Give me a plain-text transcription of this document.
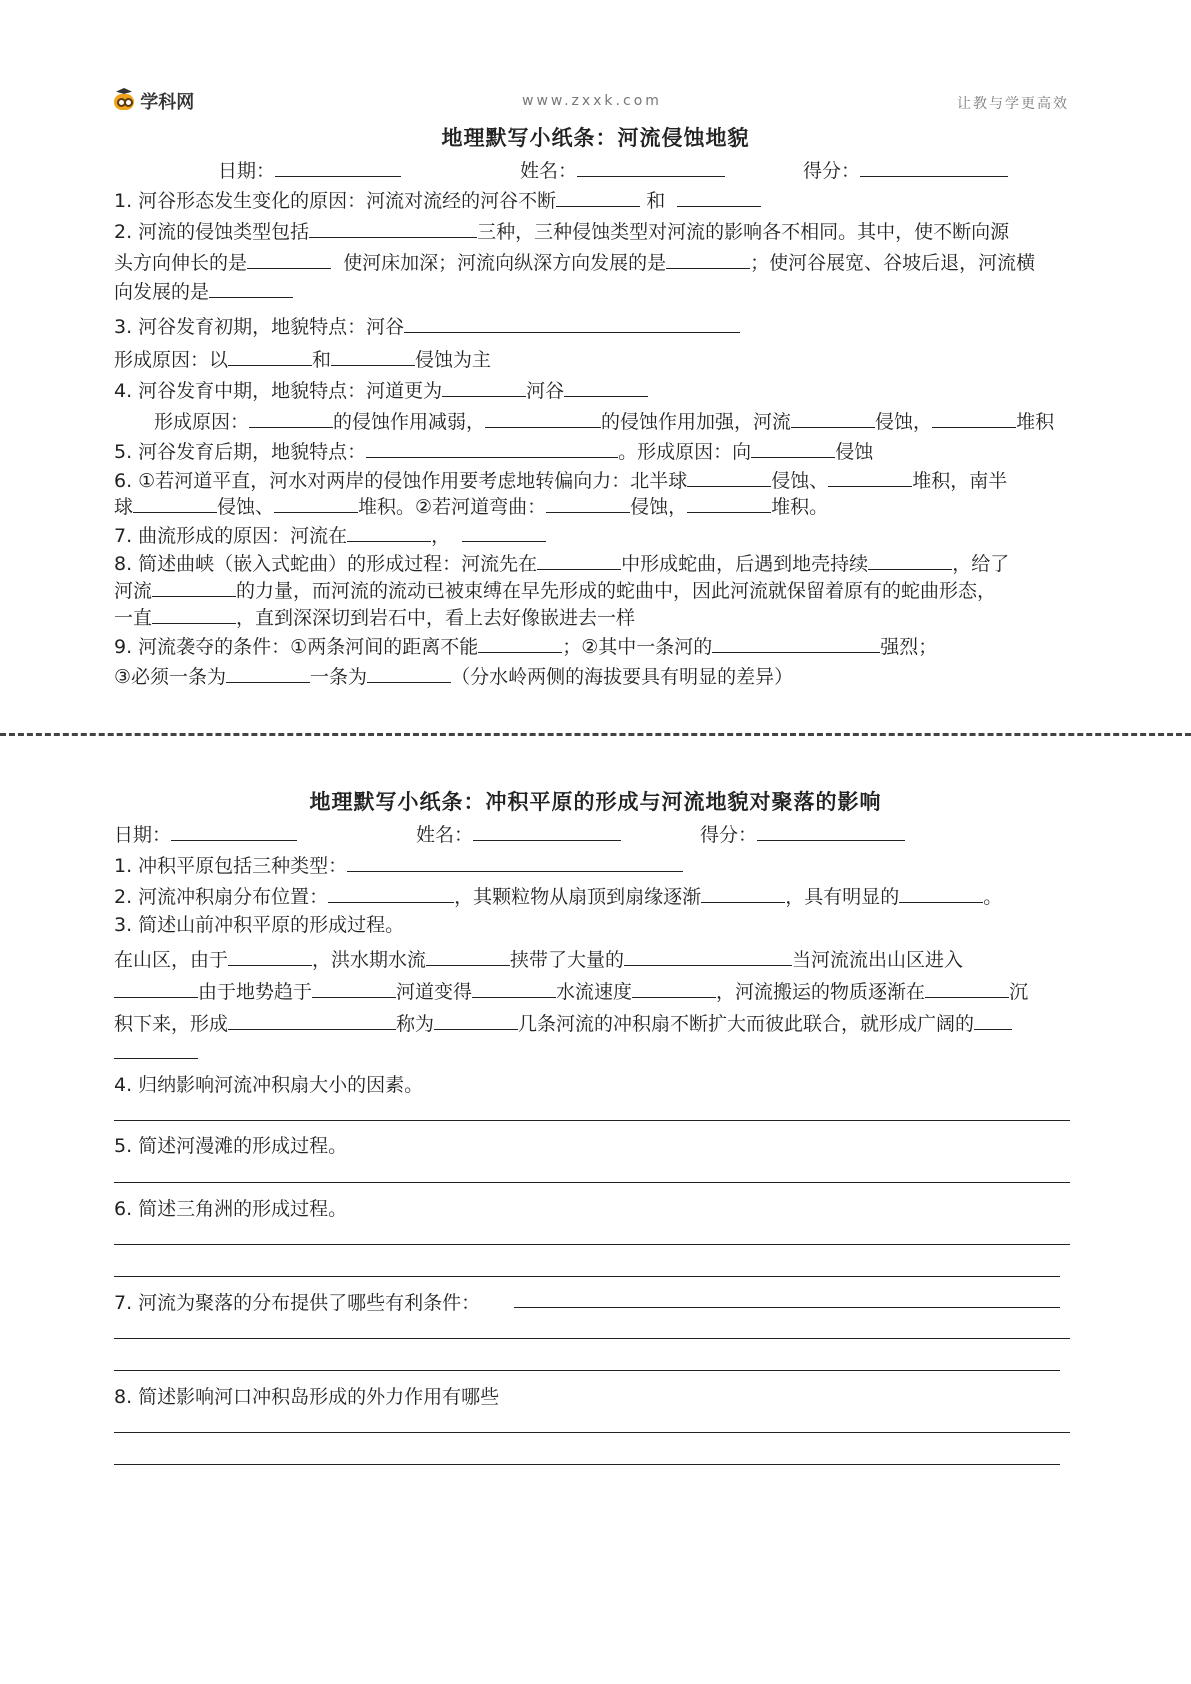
学科网	www.zxxk.com	让教与学更高效
地理默写小纸条：河流侵蚀地貌
日期：	姓名：	得分：
1. 河谷形态发生变化的原因：河流对流经的河谷不断	和
2. 河流的侵蚀类型包括	三种，三种侵蚀类型对河流的影响各不相同。其中，使不断向源
头方向伸长的是	使河床加深；河流向纵深方向发展的是	；使河谷展宽、谷坡后退，河流横
向发展的是
3. 河谷发育初期，地貌特点：河谷
形成原因：以	和	侵蚀为主
4. 河谷发育中期，地貌特点：河道更为	河谷
形成原因：	的侵蚀作用减弱，	的侵蚀作用加强，河流	侵蚀，	堆积
5. 河谷发育后期，地貌特点：	。形成原因：向	侵蚀
6. ①若河道平直，河水对两岸的侵蚀作用要考虑地转偏向力：北半球	侵蚀、	堆积，南半
球	侵蚀、	堆积。②若河道弯曲：	侵蚀，	堆积。
7. 曲流形成的原因：河流在	，
8. 简述曲峡（嵌入式蛇曲）的形成过程：河流先在	中形成蛇曲，后遇到地壳持续	，给了
河流	的力量，而河流的流动已被束缚在早先形成的蛇曲中，因此河流就保留着原有的蛇曲形态，
一直	，直到深深切到岩石中，看上去好像嵌进去一样
9. 河流袭夺的条件：①两条河间的距离不能	；②其中一条河的	强烈；
③必须一条为	一条为	（分水岭两侧的海拔要具有明显的差异）
地理默写小纸条：冲积平原的形成与河流地貌对聚落的影响
日期：	姓名：	得分：
1. 冲积平原包括三种类型：
2. 河流冲积扇分布位置：	，其颗粒物从扇顶到扇缘逐渐	，具有明显的	。
3. 简述山前冲积平原的形成过程。
在山区，由于	，洪水期水流	挟带了大量的	当河流流出山区进入
由于地势趋于	河道变得	水流速度	，河流搬运的物质逐渐在	沉
积下来，形成	称为	几条河流的冲积扇不断扩大而彼此联合，就形成广阔的
4. 归纳影响河流冲积扇大小的因素。
5. 简述河漫滩的形成过程。
6. 简述三角洲的形成过程。
7. 河流为聚落的分布提供了哪些有利条件：
8. 简述影响河口冲积岛形成的外力作用有哪些
